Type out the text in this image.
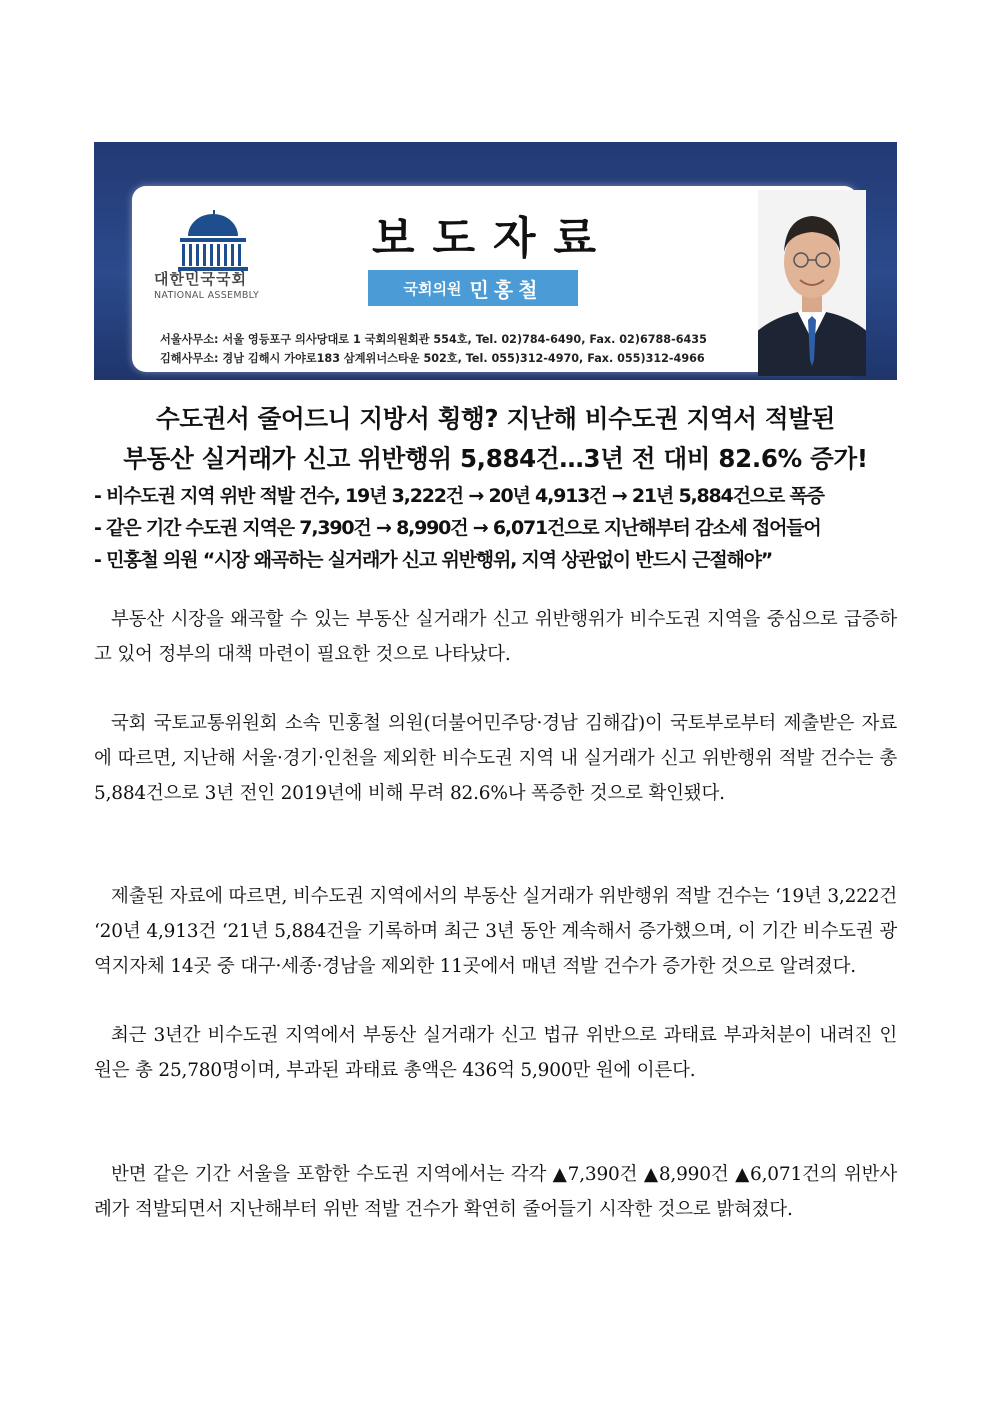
대한민국국회
NATIONAL ASSEMBLY
보도자료
국회의원 민홍철
서울사무소: 서울 영등포구 의사당대로 1 국회의원회관 554호, Tel. 02)784-6490, Fax. 02)6788-6435
김해사무소: 경남 김해시 가야로183 삼계위너스타운 502호, Tel. 055)312-4970, Fax. 055)312-4966
수도권서 줄어드니 지방서 횡행? 지난해 비수도권 지역서 적발된
부동산 실거래가 신고 위반행위 5,884건…3년 전 대비 82.6% 증가!
- 비수도권 지역 위반 적발 건수, 19년 3,222건 → 20년 4,913건 → 21년 5,884건으로 폭증
- 같은 기간 수도권 지역은 7,390건 → 8,990건 → 6,071건으로 지난해부터 감소세 접어들어
- 민홍철 의원 “시장 왜곡하는 실거래가 신고 위반행위, 지역 상관없이 반드시 근절해야”
부동산 시장을 왜곡할 수 있는 부동산 실거래가 신고 위반행위가 비수도권 지역을 중심으로 급증하고 있어 정부의 대책 마련이 필요한 것으로 나타났다.
국회 국토교통위원회 소속 민홍철 의원(더불어민주당·경남 김해갑)이 국토부로부터 제출받은 자료에 따르면, 지난해 서울·경기·인천을 제외한 비수도권 지역 내 실거래가 신고 위반행위 적발 건수는 총 5,884건으로 3년 전인 2019년에 비해 무려 82.6%나 폭증한 것으로 확인됐다.
제출된 자료에 따르면, 비수도권 지역에서의 부동산 실거래가 위반행위 적발 건수는 ‘19년 3,222건 ‘20년 4,913건 ‘21년 5,884건을 기록하며 최근 3년 동안 계속해서 증가했으며, 이 기간 비수도권 광역지자체 14곳 중 대구·세종·경남을 제외한 11곳에서 매년 적발 건수가 증가한 것으로 알려졌다.
최근 3년간 비수도권 지역에서 부동산 실거래가 신고 법규 위반으로 과태료 부과처분이 내려진 인원은 총 25,780명이며, 부과된 과태료 총액은 436억 5,900만 원에 이른다.
반면 같은 기간 서울을 포함한 수도권 지역에서는 각각 ▲7,390건 ▲8,990건 ▲6,071건의 위반사례가 적발되면서 지난해부터 위반 적발 건수가 확연히 줄어들기 시작한 것으로 밝혀졌다.
